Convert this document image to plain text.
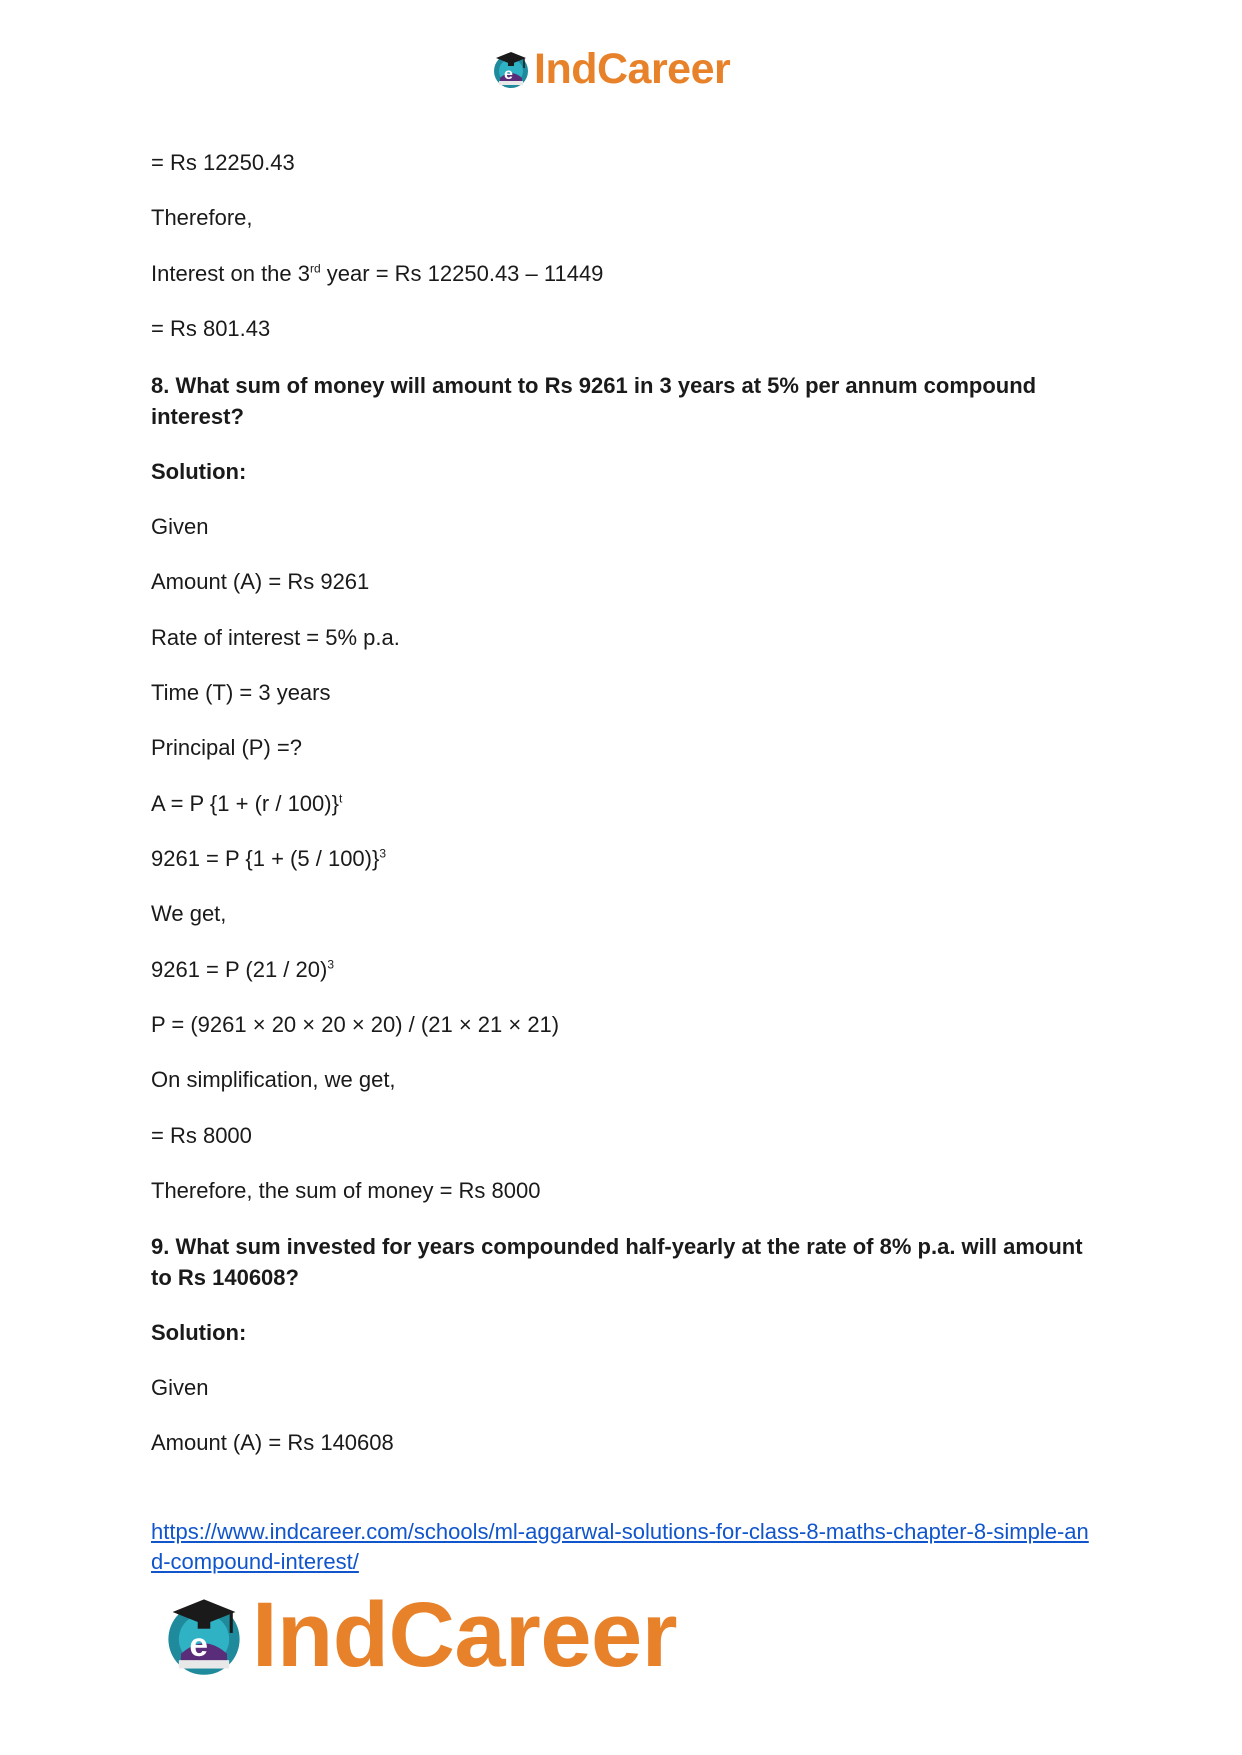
e IndCareer
= Rs 12250.43
Therefore,
Interest on the 3rd year = Rs 12250.43 – 11449
= Rs 801.43
8. What sum of money will amount to Rs 9261 in 3 years at 5% per annum compound interest?
Solution:
Given
Amount (A) = Rs 9261
Rate of interest = 5% p.a.
Time (T) = 3 years
Principal (P) =?
A = P $\{1 + (r / 100)\}^t$
9261 = P $\{1 + (5 / 100)\}^3$
We get,
9261 = P (21 / 20)$^3$
P = (9261 × 20 × 20 × 20) / (21 × 21 × 21)
On simplification, we get,
= Rs 8000
Therefore, the sum of money = Rs 8000
9. What sum invested for years compounded half-yearly at the rate of 8% p.a. will amount to Rs 140608?
Solution:
Given
Amount (A) = Rs 140608
https://www.indcareer.com/schools/ml-aggarwal-solutions-for-class-8-maths-chapter-8-simple-and-compound-interest/
e IndCareer
